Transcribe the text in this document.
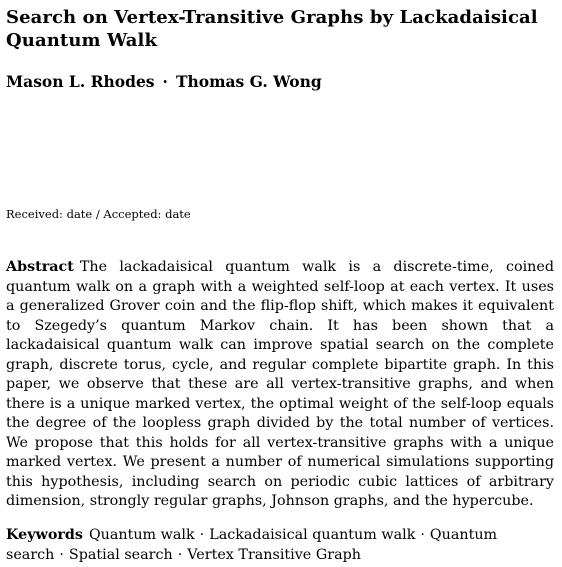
Search on Vertex-Transitive Graphs by Lackadaisical Quantum Walk
Mason L. Rhodes · Thomas G. Wong
Received: date / Accepted: date
Abstract The lackadaisical quantum walk is a discrete-time, coined quantum walk on a graph with a weighted self-loop at each vertex. It uses a generalized Grover coin and the flip-flop shift, which makes it equivalent to Szegedy’s quantum Markov chain. It has been shown that a lackadaisical quantum walk can improve spatial search on the complete graph, discrete torus, cycle, and regular complete bipartite graph. In this paper, we observe that these are all vertex-transitive graphs, and when there is a unique marked vertex, the optimal weight of the self-loop equals the degree of the loopless graph divided by the total number of vertices. We propose that this holds for all vertex-transitive graphs with a unique marked vertex. We present a number of numerical simulations supporting this hypothesis, including search on periodic cubic lattices of arbitrary dimension, strongly regular graphs, Johnson graphs, and the hypercube.
Keywords Quantum walk · Lackadaisical quantum walk · Quantum search · Spatial search · Vertex Transitive Graph
